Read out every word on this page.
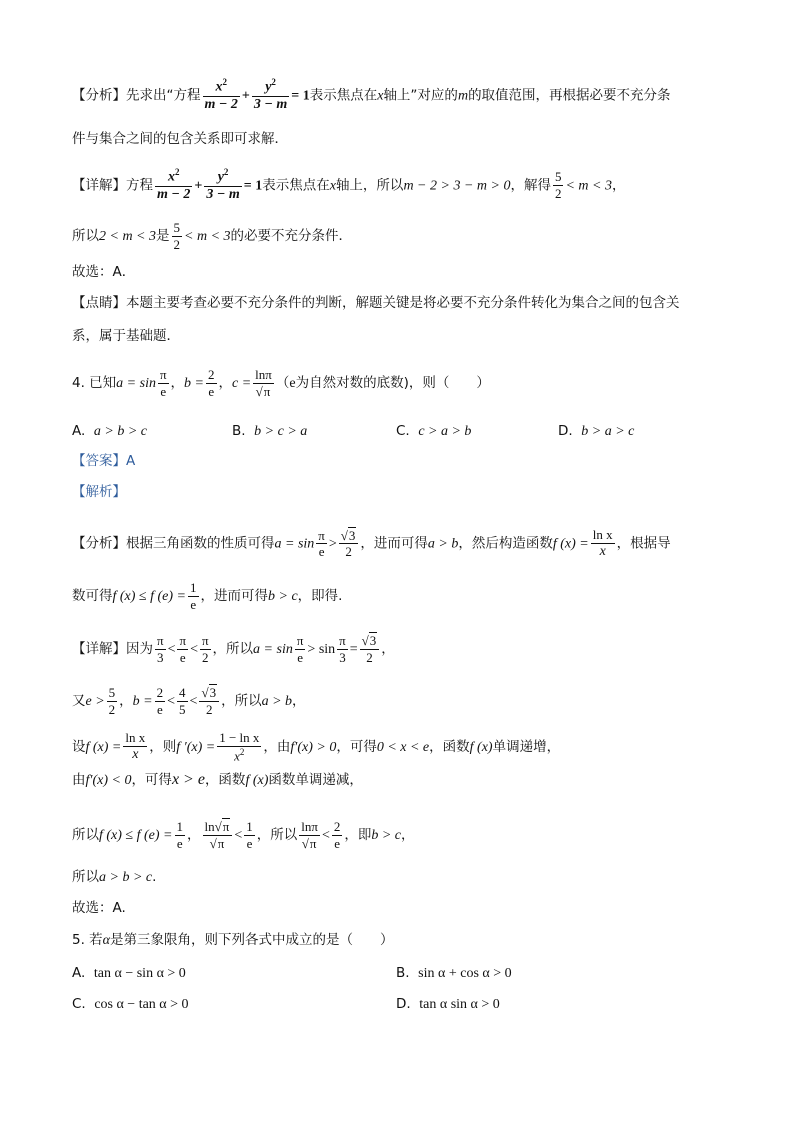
【分析】先求出“方程 $\frac{x^2}{m - 2} + \frac{y^2}{3 - m} = 1$表示焦点在x轴上”对应的m的取值范围，再根据必要不充分条
件与集合之间的包含关系即可求解．
【详解】方程 $\frac{x^2}{m - 2} + \frac{y^2}{3 - m} = 1$表示焦点在x轴上，所以m − 2 > 3 − m > 0，解得 $\frac{5}{2} < m < 3$，
所以2 < m < 3是 $\frac{5}{2} < m < 3$的必要不充分条件．
故选：A．
【点睛】本题主要考查必要不充分条件的判断，解题关键是将必要不充分条件转化为集合之间的包含关
系，属于基础题．
4. 已知$a = \sin \frac{\pi}{e}$ ，$b = \frac{2}{e}$ ，$c = \frac{\ln\pi}{√\pi} (e$为自然对数的底数)，则（　　）
A. a > b > c	B. b > c > a	C. c > a > b	D. b > a > c
【答案】A
【解析】
【分析】根据三角函数的性质可得$a = \sin \frac{\pi}{e} > \frac{√3}{2}$ ，进而可得a > b，然后构造函数f $(x) = \frac{\text{ln x}}{x}$ ，根据导
数可得f (x) ≤ f $(e) = \frac{1}{e}$ ，进而可得b > c，即得.
【详解】因为 $\frac{\pi}{3} < \frac{\pi}{e} < \frac{\pi}{2}$ ，所以$a = \sin \frac{\pi}{e} > \sin \frac{\pi}{3} = \frac{√3}{2}$ ，
又$e > \frac{5}{2}$ ，$b = \frac{2}{e} < \frac{4}{5} < \frac{√3}{2}$ ，所以a > b，
设f $(x) = \frac{\text{ln x}}{x}$ ，则f $'(x) = \frac{\text{1 − ln x}}{x^2}$ ，由f′(x) > 0，可得0 < x < e，函数f (x)单调递增，
由f′(x) < 0，可得x > e，函数f (x)函数单调递减，
所以f (x) ≤ f $(e) = \frac{1}{e}$ ， $\frac{\ln√\pi}{√\pi} < \frac{1}{e}$ ，所以 $\frac{\ln\pi}{√\pi} < \frac{2}{e}$ ，即b > c，
所以a > b > c.
故选：A.
5. 若α是第三象限角，则下列各式中成立的是（　　）
A. tan α − sin α > 0	B. sin α + cos α > 0
C. cos α − tan α > 0	D. tan α sin α > 0
